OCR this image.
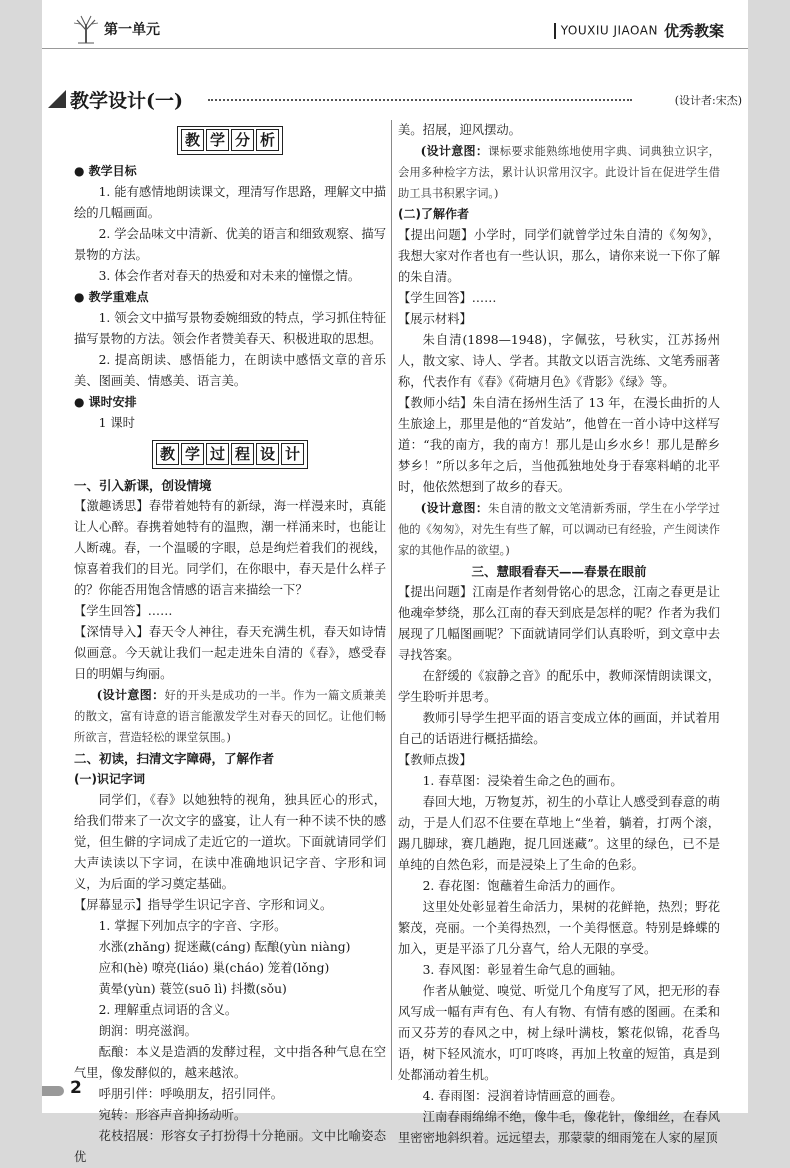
第一单元	YOUXIU JIAOAN 优秀教案
教学设计(一)	(设计者:宋杰)
教 学 分 析

● 教学目标

1. 能有感情地朗读课文，理清写作思路，理解文中描绘的几幅画面。

2. 学会品味文中清新、优美的语言和细致观察、描写景物的方法。

3. 体会作者对春天的热爱和对未来的憧憬之情。

● 教学重难点

1. 领会文中描写景物委婉细致的特点，学习抓住特征描写景物的方法。领会作者赞美春天、积极进取的思想。

2. 提高朗读、感悟能力，在朗读中感悟文章的音乐美、图画美、情感美、语言美。

● 课时安排

1 课时

教 学 过 程 设 计

一、引入新课，创设情境

【激趣诱思】春带着她特有的新绿，海一样漫来时，真能让人心醉。春携着她特有的温煦，潮一样涌来时，也能让人断魂。春，一个温暖的字眼，总是绚烂着我们的视线，惊喜着我们的目光。同学们，在你眼中，春天是什么样子的？你能否用饱含情感的语言来描绘一下？

【学生回答】……

【深情导入】春天令人神往，春天充满生机，春天如诗情似画意。今天就让我们一起走进朱自清的《春》，感受春日的明媚与绚丽。

(设计意图：好的开头是成功的一半。作为一篇文质兼美的散文，富有诗意的语言能激发学生对春天的回忆。让他们畅所欲言，营造轻松的课堂氛围。)

二、初读，扫清文字障碍，了解作者

(一)识记字词

同学们，《春》以她独特的视角，独具匠心的形式，给我们带来了一次文字的盛宴，让人有一种不读不快的感觉，但生僻的字词成了走近它的一道坎。下面就请同学们大声读读以下字词，在读中准确地识记字音、字形和词义，为后面的学习奠定基础。

【屏幕显示】指导学生识记字音、字形和词义。

1. 掌握下列加点字的字音、字形。

水涨(zhǎng) 捉迷藏(cáng) 酝酿(yùn niàng)

应和(hè) 嘹亮(liáo) 巢(cháo) 笼着(lǒng)

黄晕(yùn) 蓑笠(suō lì) 抖擞(sǒu)

2. 理解重点词语的含义。

朗润：明亮滋润。

酝酿：本义是造酒的发酵过程，文中指各种气息在空气里，像发酵似的，越来越浓。

呼朋引伴：呼唤朋友，招引同伴。

宛转：形容声音抑扬动听。

花枝招展：形容女子打扮得十分艳丽。文中比喻姿态优

美。招展，迎风摆动。

(设计意图：课标要求能熟练地使用字典、词典独立识字，会用多种检字方法，累计认识常用汉字。此设计旨在促进学生借助工具书积累字词。)

(二)了解作者

【提出问题】小学时，同学们就曾学过朱自清的《匆匆》，我想大家对作者也有一些认识，那么，请你来说一下你了解的朱自清。

【学生回答】……

【展示材料】

朱自清(1898—1948)，字佩弦，号秋实，江苏扬州人，散文家、诗人、学者。其散文以语言洗练、文笔秀丽著称，代表作有《春》《荷塘月色》《背影》《绿》等。

【教师小结】朱自清在扬州生活了 13 年，在漫长曲折的人生旅途上，那里是他的“首发站”，他曾在一首小诗中这样写道：“我的南方，我的南方！那儿是山乡水乡！那儿是醉乡梦乡！”所以多年之后，当他孤独地处身于春寒料峭的北平时，他依然想到了故乡的春天。

(设计意图：朱自清的散文文笔清新秀丽，学生在小学学过他的《匆匆》，对先生有些了解，可以调动已有经验，产生阅读作家的其他作品的欲望。)

三、慧眼看春天——春景在眼前

【提出问题】江南是作者刻骨铭心的思念，江南之春更是让他魂牵梦绕，那么江南的春天到底是怎样的呢？作者为我们展现了几幅图画呢？下面就请同学们认真聆听，到文章中去寻找答案。

在舒缓的《寂静之音》的配乐中，教师深情朗读课文，学生聆听并思考。

教师引导学生把平面的语言变成立体的画面，并试着用自己的话语进行概括描绘。

【教师点拨】

1. 春草图：浸染着生命之色的画布。

春回大地，万物复苏，初生的小草让人感受到春意的萌动，于是人们忍不住要在草地上“坐着，躺着，打两个滚，踢几脚球，赛几趟跑，捉几回迷藏”。这里的绿色，已不是单纯的自然色彩，而是浸染上了生命的色彩。

2. 春花图：饱蘸着生命活力的画作。

这里处处彰显着生命活力，果树的花鲜艳，热烈；野花繁茂，亮丽。一个美得热烈，一个美得惬意。特别是蜂蝶的加入，更是平添了几分喜气，给人无限的享受。

3. 春风图：彰显着生命气息的画轴。

作者从触觉、嗅觉、听觉几个角度写了风，把无形的春风写成一幅有声有色、有人有物、有情有感的图画。在柔和而又芬芳的春风之中，树上绿叶满枝，繁花似锦，花香鸟语，树下轻风流水，叮叮咚咚，再加上牧童的短笛，真是到处都涌动着生机。

4. 春雨图：浸润着诗情画意的画卷。

江南春雨绵绵不绝，像牛毛，像花针，像细丝，在春风里密密地斜织着。远远望去，那蒙蒙的细雨笼在人家的屋顶

2
